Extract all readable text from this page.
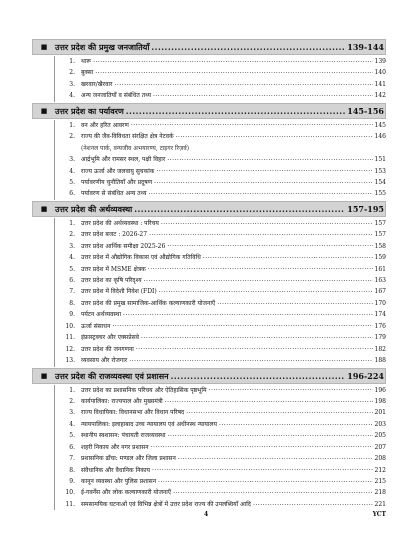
■ उत्तर प्रदेश की प्रमुख जनजातियाँ .....	139-144
1.	थारू .....	139
2.	बुक्सा .....	140
3.	खरवार/खैरवार .....	141
4.	अन्य जनजातियाँ व संबंधित तथ्य .....	142
■ उत्तर प्रदेश का पर्यावरण .....	145-156
1.	वन और हरित आवरण .....	145
2.	राज्य की जैव-विविधता संरक्षित क्षेत्र नेटवर्क .....	146
(नेशनल पार्क, वन्यजीव अभयारण्य, टाइगर रिज़र्व)
3.	आर्द्रभूमि और रामसर स्थल, पक्षी विहार .....	151
4.	राज्य ऊर्जा और जलवायु सुचकांक .....	153
5.	पर्यावरणीय चुनौतियाँ और प्रदूषण .....	154
6.	पर्यावरण से संबंधित अन्य तथ्य .....	155
■ उत्तर प्रदेश की अर्थव्यवस्था .....	157-195
1.	उत्तर प्रदेश की अर्थव्यवस्था : परिचय .....	157
2.	उत्तर प्रदेश बजट : 2026-27 .....	157
3.	उत्तर प्रदेश आर्थिक समीक्षा 2025-26 .....	158
4.	उत्तर प्रदेश में औद्योगिक विकास एवं औद्योगिक गतिविधि .....	159
5.	उत्तर प्रदेश में MSME क्षेत्रक .....	161
6.	उत्तर प्रदेश का कृषि परिदृश्य .....	163
7.	उत्तर प्रदेश में विदेशी निवेश (FDI) .....	167
8.	उत्तर प्रदेश की प्रमुख सामाजिक-आर्थिक कल्याणकारी योजनाएँ .....	170
9.	पर्यटन अर्थव्यवस्था .....	174
10.	ऊर्जा संसाधन .....	176
11.	इंफ्रास्ट्रक्चर और एक्सप्रेसवे .....	179
12.	उत्तर प्रदेश की जनगणना .....	182
13.	व्यवसाय और रोजगार .....	188
■ उत्तर प्रदेश की राजव्यवस्था एवं प्रशासन .....	196-224
1.	उत्तर प्रदेश का प्रशासनिक परिचय और ऐतिहासिक पृष्ठभूमि .....	196
2.	कार्यपालिका: राज्यपाल और मुख्यमंत्री .....	198
3.	राज्य विधायिका: विधानसभा और विधान परिषद .....	201
4.	न्यायपालिका: इलाहाबाद उच्च न्यायालय एवं अधीनस्थ न्यायालय .....	203
5.	स्थानीय स्वशासन: पंचायती राजव्यवस्था .....	205
6.	शहरी निकाय और नगर प्रशासन .....	207
7.	प्रशासनिक ढाँचा: मण्डल और जिला प्रशासन .....	208
8.	संवैधानिक और वैधानिक निकाय .....	212
9.	कानून व्यवस्था और पुलिस प्रशासन .....	215
10.	ई-गवर्नेंस और लोक कल्याणकारी योजनाएँ .....	218
11.	समसामयिक घटनाओं एवं विभिन्न क्षेत्रों में उत्तर प्रदेश राज्य की उपलब्धियाँ आदि .....	221
4	YCT
